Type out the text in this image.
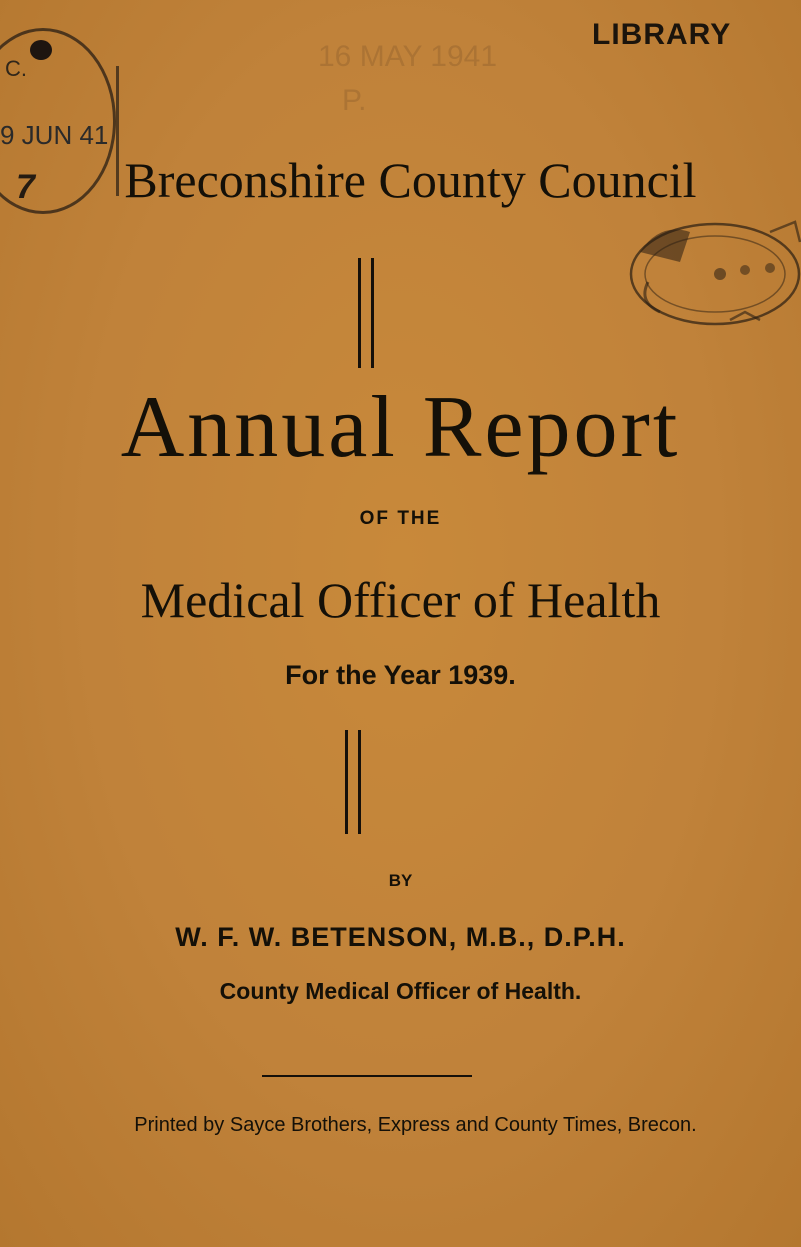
LIBRARY
16 MAY 1941
P.
C.
9 JUN 41
7	Breconshire County Council
Annual Report
OF THE
Medical Officer of Health
For the Year 1939.
BY
W. F. W. BETENSON, M.B., D.P.H.
County Medical Officer of Health.
Printed by Sayce Brothers, Express and County Times, Brecon.
